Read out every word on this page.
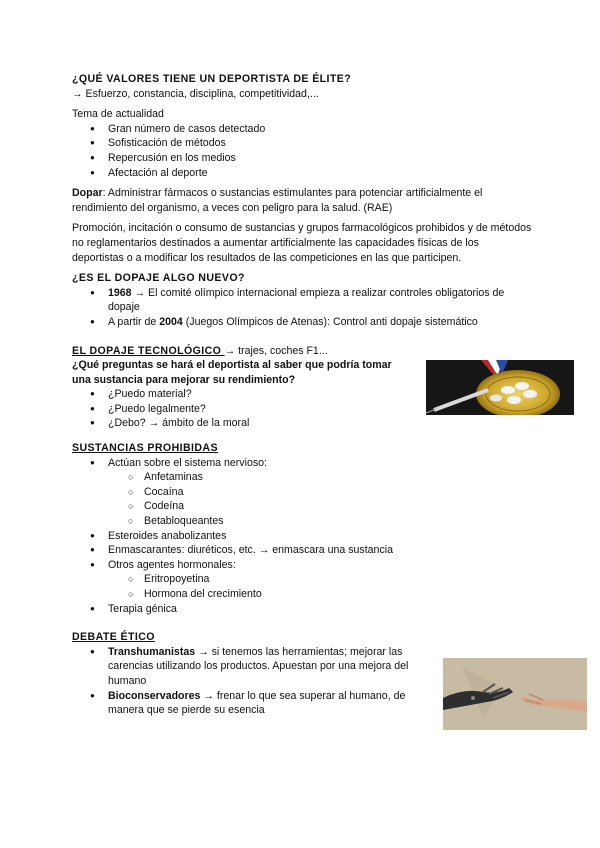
¿QUÉ VALORES TIENE UN DEPORTISTA DE ÉLITE?

→ Esfuerzo, constancia, disciplina, competitividad,...

Tema de actualidad

● Gran número de casos detectado
● Sofisticación de métodos
● Repercusión en los medios
● Afectación al deporte

Dopar: Administrar fármacos o sustancias estimulantes para potenciar artificialmente el rendimiento del organismo, a veces con peligro para la salud. (RAE)

Promoción, incitación o consumo de sustancias y grupos farmacológicos prohibidos y de métodos no reglamentarios destinados a aumentar artificialmente las capacidades físicas de los deportistas o a modificar los resultados de las competiciones en las que participen.

¿ES EL DOPAJE ALGO NUEVO?

● 1968 → El comité olímpico internacional empieza a realizar controles obligatorios de dopaje
● A partir de 2004 (Juegos Olímpicos de Atenas): Control anti dopaje sistemático

EL DOPAJE TECNOLÓGICO → trajes, coches F1...

¿Qué preguntas se hará el deportista al saber que podría tomar una sustancia para mejorar su rendimiento?

● ¿Puedo material?
● ¿Puedo legalmente?
● ¿Debo? → ámbito de la moral

SUSTANCIAS PROHIBIDAS

● Actúan sobre el sistema nervioso:
○ Anfetaminas
○ Cocaína
○ Codeína
○ Betabloqueantes
● Esteroides anabolizantes
● Enmascarantes: diuréticos, etc. → enmascara una sustancia
● Otros agentes hormonales:
○ Eritropoyetina
○ Hormona del crecimiento
● Terapia génica

DEBATE ÉTICO

● Transhumanistas → si tenemos las herramientas; mejorar las carencias utilizando los productos. Apuestan por una mejora del humano
● Bioconservadores → frenar lo que sea superar al humano, de manera que se pierde su esencia
